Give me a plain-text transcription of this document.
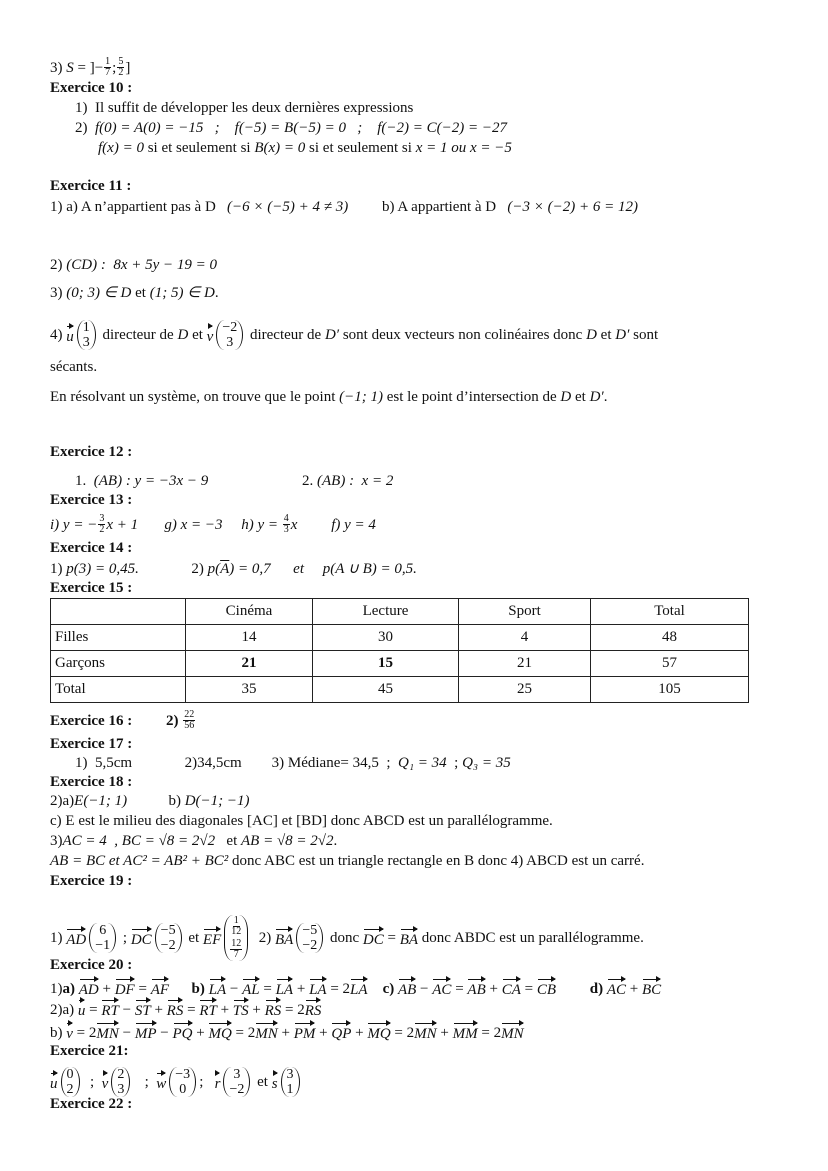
3) S = ]− $\frac{1}{7}$ ; $\frac{5}{2}$ ]
Exercice 10 :
1)  Il suffit de développer les deux dernières expressions
2) f(0) = A(0) = −15   ;    f(−5) = B(−5) = 0   ;    f(−2) = C(−2) = −27
f(x) = 0 si et seulement si B(x) = 0 si et seulement si x = 1 ou x = −5
Exercice 11 :
1) a) A n’appartient pas à D (−6 × (−5) + 4 ≠ 3) b) A appartient à D (−3 × (−2) + 6 = 12)
2) (CD) :  8x + 5y − 19 = 0
3) (0; 3) ∈ D et (1; 5) ∈ D .
4) u
1
3 directeur de D et v
−2
3 directeur de D′ sont deux vecteurs non colinéaires donc D et D′ sont
sécants.
En résolvant un système, on trouve que le point (−1; 1) est le point d’intersection de D et D′ .
Exercice 12 :
1. (AB) : y = −3x − 9 2. (AB) :  x = 2
Exercice 13 :
i) y = − $\frac{3}{2}$ x + 1
g) x = −3
h) $y = \frac{4}{3}$ x
f) y = 4
Exercice 14 :
1) p(3) = 0,45. 2) p( $\overline{A}$ ) = 0,7      et     p(A ∪ B) = 0,5.
Exercice 15 :
	Cinéma	Lecture	Sport	Total
Filles	14	30	4	48
Garçons	21	15	21	57
Total	35	45	25	105
Exercice 16 :
$2) \frac{22}{56}$
Exercice 17 :
1)  5,5cm              2)34,5cm        3) Médiane= 34,5  ; Q₁ = 34 ; Q₃ = 35
Exercice 18 :
2)a) E(−1; 1) b) D(−1; −1)
c) E est le milieu des diagonales [AC] et [BD] donc ABCD est un parallélogramme.
3) AC = 4  , BC = √8 = 2√2 et AB = √8 = 2√2 .
AB = BC et AC² = AB² + BC² donc ABC est un triangle rectangle en B donc 4) ABCD est un carré.
Exercice 19 :
1) AD
6
−1 ; DC
−5
−2 et EF
$\frac{1}{12}$
$\frac{12}{7}$
2) BA
−5
−2 donc DC = BA donc ABDC est un parallélogramme.
Exercice 20 :
1) a) AD + DF = AF
b) LA − AL = LA + LA = 2 LA
c) AB − AC = AB + CA = CB
d) AC + BC
2)a) u = RT − ST + RS = RT + TS + RS = 2 RS
b) v = 2 MN − MP − PQ + MQ = 2 MN + PM + QP + MQ = 2 MN + MM = 2 MN
Exercice 21:
u
0
2 ; v
2
3 ; w
−3
0 ; r
3
−2 et s
3
1
Exercice 22 :
